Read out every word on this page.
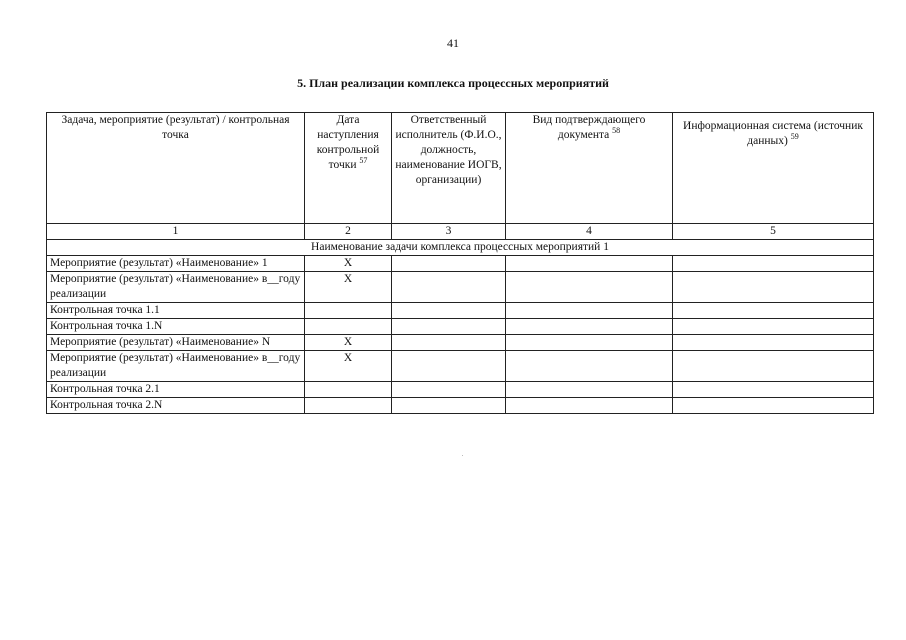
41
5. План реализации комплекса процессных мероприятий
Задача, мероприятие (результат) / контрольная точка	Дата наступления контрольной точки $^{57}$	Ответственный исполнитель (Ф.И.О., должность, наименование ИОГВ, организации)	Вид подтверждающего документа $^{58}$	Информационная система (источник данных) $^{59}$
1	2	3	4	5
Наименование задачи комплекса процессных мероприятий 1				
Мероприятие (результат) «Наименование» 1	X			
Мероприятие (результат) «Наименование» в__году реализации	X			
Контрольная точка 1.1				
Контрольная точка 1.N				
Мероприятие (результат) «Наименование» N	X			
Мероприятие (результат) «Наименование» в__году реализации	X			
Контрольная точка 2.1				
Контрольная точка 2.N				
